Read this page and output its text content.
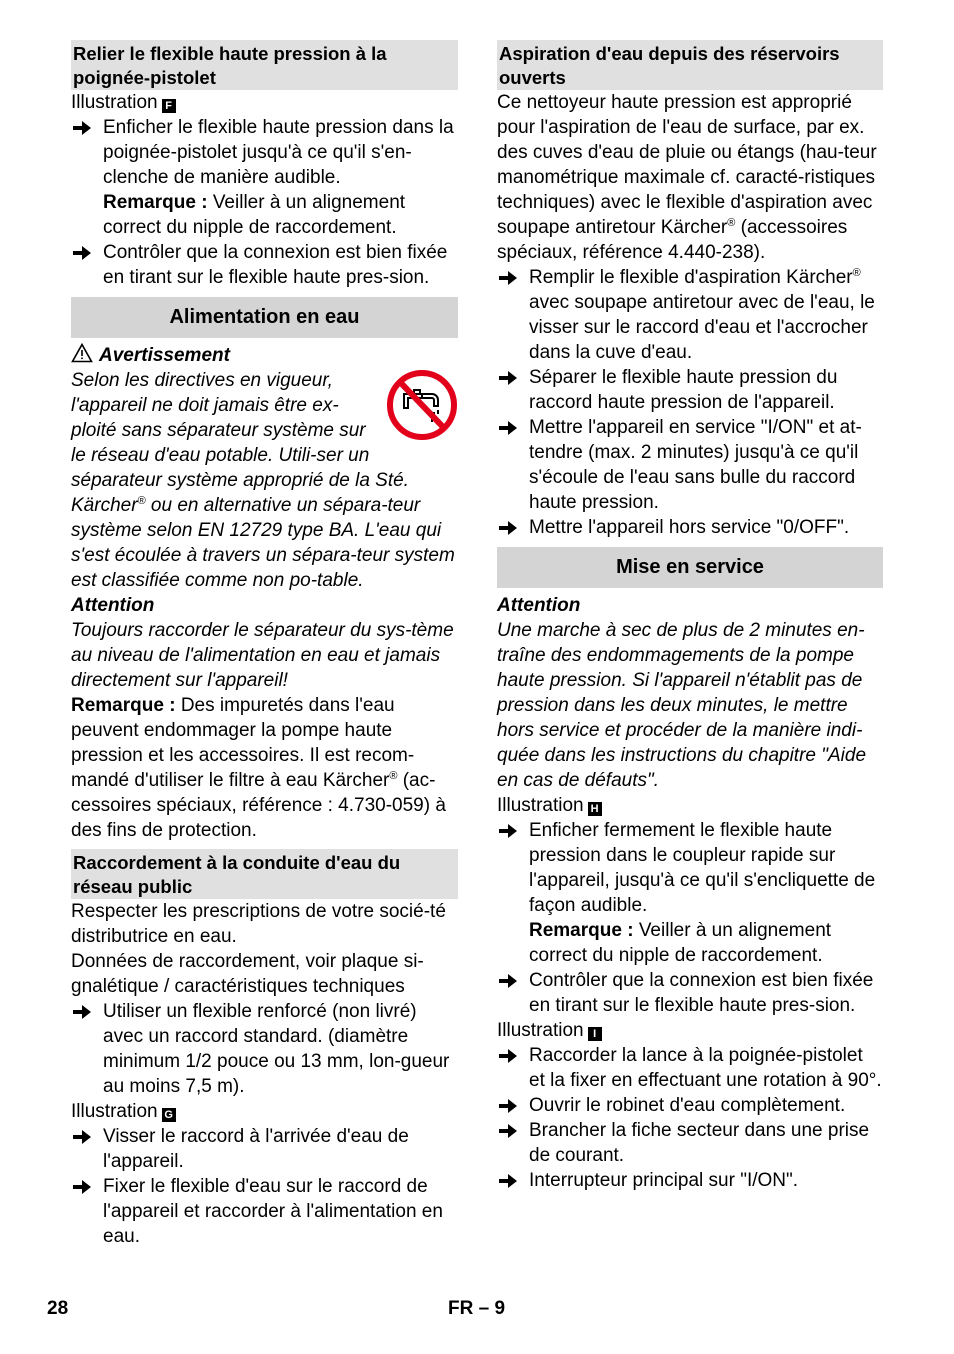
Relier le flexible haute pression à la poignée-pistolet

Illustration F

Enficher le flexible haute pression dans la poignée-pistolet jusqu'à ce qu'il s'en-clenche de manière audible.
Remarque : Veiller à un alignement correct du nipple de raccordement.
Contrôler que la connexion est bien fixée en tirant sur le flexible haute pres-sion.
Alimentation en eau
Avertissement

Selon les directives en vigueur, l'appareil ne doit jamais être ex-ploité sans séparateur système sur le réseau d'eau potable. Utili-ser un séparateur système approprié de la Sté. Kärcher® ou en alternative un sépara-teur système selon EN 12729 type BA. L'eau qui s'est écoulée à travers un sépara-teur system est classifiée comme non po-table.

Attention

Toujours raccorder le séparateur du sys-tème au niveau de l'alimentation en eau et jamais directement sur l'appareil!

Remarque : Des impuretés dans l'eau peuvent endommager la pompe haute pression et les accessoires. Il est recom-mandé d'utiliser le filtre à eau Kärcher® (ac-cessoires spéciaux, référence : 4.730-059) à des fins de protection.

Raccordement à la conduite d'eau du réseau public

Respecter les prescriptions de votre socié-té distributrice en eau.

Données de raccordement, voir plaque si-gnalétique / caractéristiques techniques

Utiliser un flexible renforcé (non livré) avec un raccord standard. (diamètre minimum 1/2 pouce ou 13 mm, lon-gueur au moins 7,5 m).

Illustration G

Visser le raccord à l'arrivée d'eau de l'appareil.
Fixer le flexible d'eau sur le raccord de l'appareil et raccorder à l'alimentation en eau.
Aspiration d'eau depuis des réservoirs ouverts

Ce nettoyeur haute pression est approprié pour l'aspiration de l'eau de surface, par ex. des cuves d'eau de pluie ou étangs (hau-teur manométrique maximale cf. caracté-ristiques techniques) avec le flexible d'aspiration avec soupape antiretour Kärcher® (accessoires spéciaux, référence 4.440-238).

Remplir le flexible d'aspiration Kärcher® avec soupape antiretour avec de l'eau, le visser sur le raccord d'eau et l'accrocher dans la cuve d'eau.
Séparer le flexible haute pression du raccord haute pression de l'appareil.
Mettre l'appareil en service "I/ON" et at-tendre (max. 2 minutes) jusqu'à ce qu'il s'écoule de l'eau sans bulle du raccord haute pression.
Mettre l'appareil hors service "0/OFF".
Mise en service

Attention

Une marche à sec de plus de 2 minutes en-traîne des endommagements de la pompe haute pression. Si l'appareil n'établit pas de pression dans les deux minutes, le mettre hors service et procéder de la manière indi-quée dans les instructions du chapitre "Aide en cas de défauts".

Illustration H

Enficher fermement le flexible haute pression dans le coupleur rapide sur l'appareil, jusqu'à ce qu'il s'encliquette de façon audible.
Remarque : Veiller à un alignement correct du nipple de raccordement.
Contrôler que la connexion est bien fixée en tirant sur le flexible haute pres-sion.

Illustration I

Raccorder la lance à la poignée-pistolet et la fixer en effectuant une rotation à 90°.
Ouvrir le robinet d'eau complètement.
Brancher la fiche secteur dans une prise de courant.
Interrupteur principal sur "I/ON".
28	FR – 9
